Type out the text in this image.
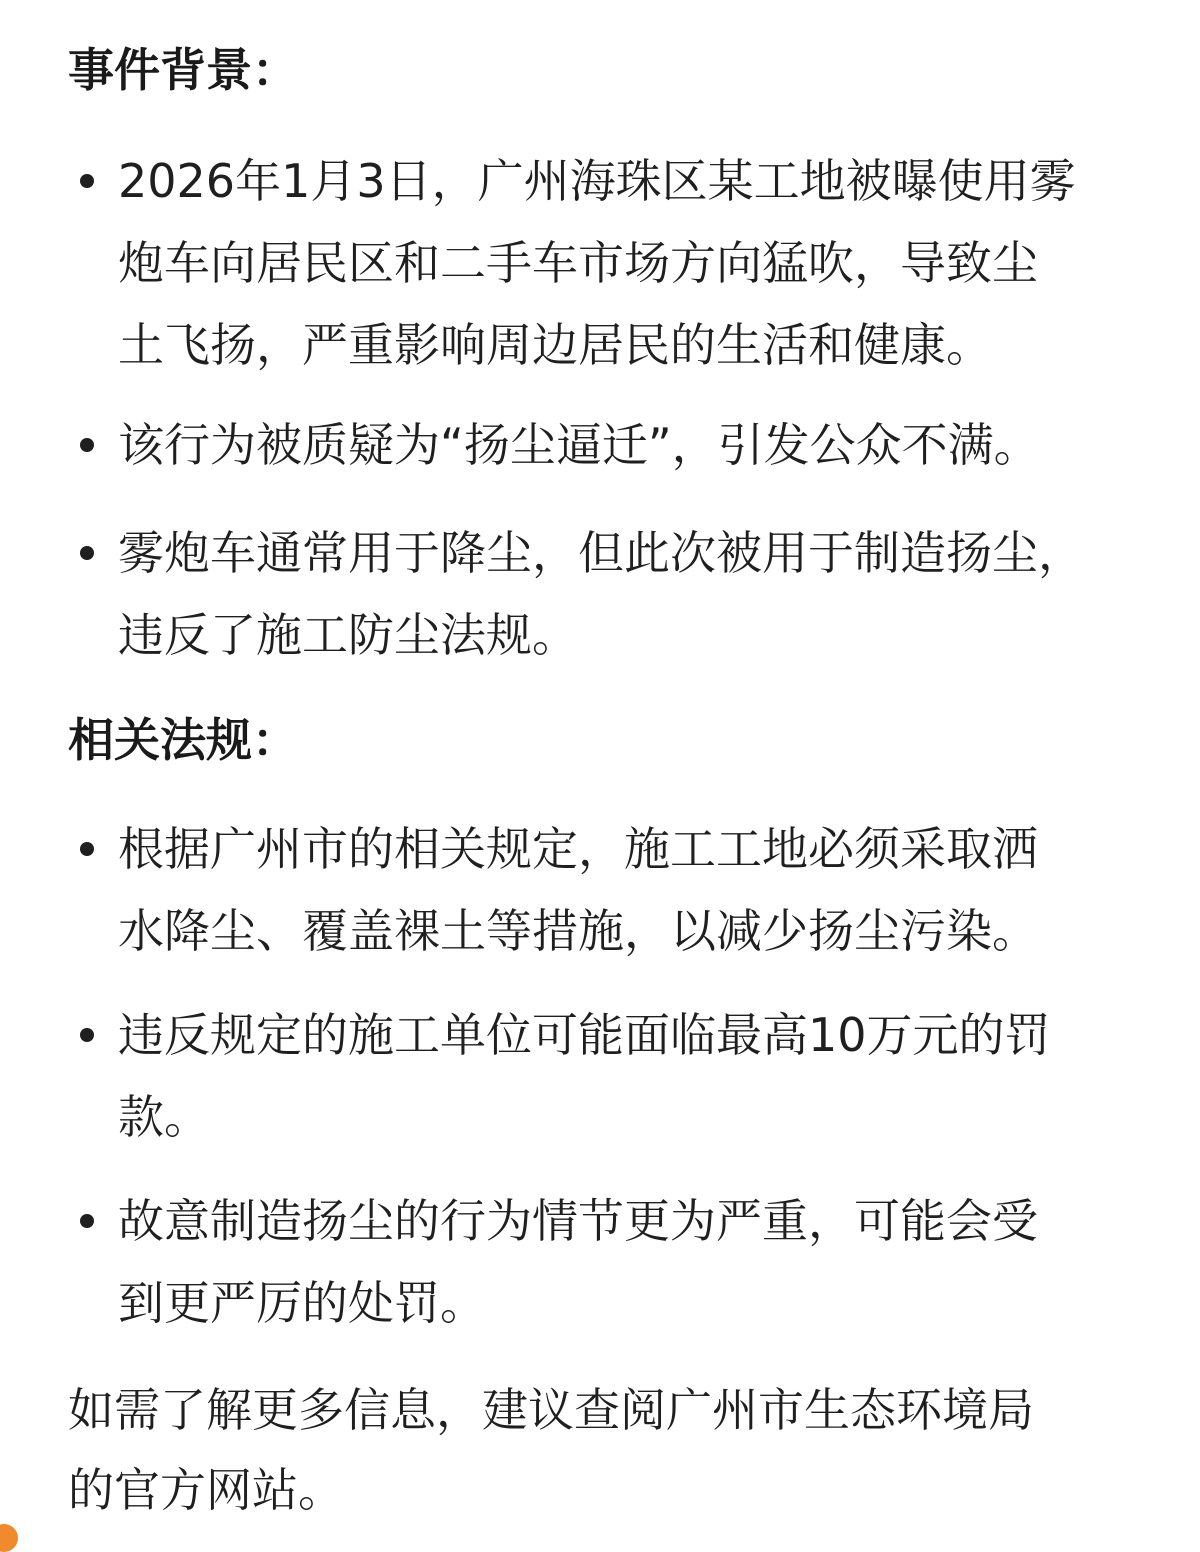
事件背景：
2026年1月3日，广州海珠区某工地被曝使用雾
炮车向居民区和二手车市场方向猛吹，导致尘
土飞扬，严重影响周边居民的生活和健康。
该行为被质疑为“扬尘逼迁”，引发公众不满。
雾炮车通常用于降尘，但此次被用于制造扬尘，
违反了施工防尘法规。
相关法规：
根据广州市的相关规定，施工工地必须采取洒
水降尘、覆盖裸土等措施，以减少扬尘污染。
违反规定的施工单位可能面临最高10万元的罚
款。
故意制造扬尘的行为情节更为严重，可能会受
到更严厉的处罚。
如需了解更多信息，建议查阅广州市生态环境局
的官方网站。
